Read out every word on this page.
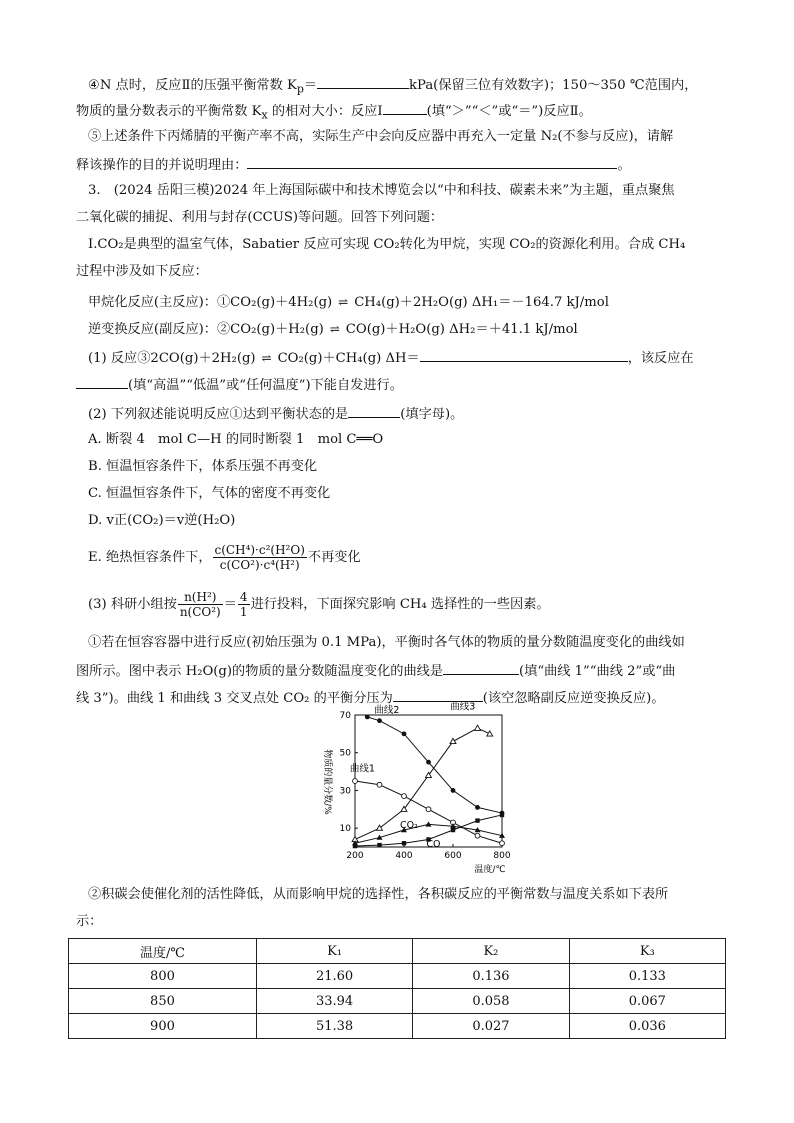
④N 点时，反应Ⅱ的压强平衡常数 $K_p=$	kPa(保留三位有效数字)；150～350 ℃范围内，
物质的量分数表示的平衡常数 $K_x$ 的相对大小：反应Ⅰ	(填“＞”“＜”或“＝”)反应Ⅱ。
⑤上述条件下丙烯腈的平衡产率不高，实际生产中会向反应器中再充入一定量 N₂(不参与反应)，请解
释该操作的目的并说明理由：	。
3.　(2024 岳阳三模)2024 年上海国际碳中和技术博览会以“中和科技、碳素未来”为主题，重点聚焦
二氧化碳的捕捉、利用与封存(CCUS)等问题。回答下列问题：
Ⅰ.CO₂是典型的温室气体，Sabatier 反应可实现 CO₂转化为甲烷，实现 CO₂的资源化利用。合成 CH₄
过程中涉及如下反应：
甲烷化反应(主反应)：①CO₂(g)＋4H₂(g) ⇌ CH₄(g)＋2H₂O(g) ΔH₁＝－164.7 kJ/mol
逆变换反应(副反应)：②CO₂(g)＋H₂(g) ⇌ CO(g)＋H₂O(g) ΔH₂＝＋41.1 kJ/mol
(1) 反应③2CO(g)＋2H₂(g) ⇌ CO₂(g)＋CH₄(g) ΔH＝	，该反应在
(填“高温”“低温”或“任何温度”)下能自发进行。
(2) 下列叙述能说明反应①达到平衡状态的是	(填字母)。
A. 断裂 4　mol C—H 的同时断裂 1　mol C══O
B. 恒温恒容条件下，体系压强不再变化
C. 恒温恒容条件下，气体的密度不再变化
D. v正(CO₂)＝v逆(H₂O)
E. 绝热恒容条件下， $\frac{\text{c(CH⁴)·c²(H²O)}}{\text{c(CO²)·c⁴(H²)}}$ 不再变化
(3) 科研小组按 $\frac{\text{n(H²)}}{\text{n(CO²)}} = \frac{4}{1}$ 进行投料，下面探究影响 CH₄ 选择性的一些因素。
①若在恒容容器中进行反应(初始压强为 0.1 MPa)，平衡时各气体的物质的量分数随温度变化的曲线如
图所示。图中表示 H₂O(g)的物质的量分数随温度变化的曲线是	(填“曲线 1”“曲线 2”或“曲
线 3”)。曲线 1 和曲线 3 交叉点处 CO₂ 的平衡分压为	(该空忽略副反应逆变换反应)。
200	400	600	800
10
30
50
70 曲线2	曲线3
曲线1
CO₂
CO
物质的量分数/%
温度/℃
②积碳会使催化剂的活性降低，从而影响甲烷的选择性，各积碳反应的平衡常数与温度关系如下表所
示：
温度/℃	K₁	K₂	K₃
800	21.60	0.136	0.133
850	33.94	0.058	0.067
900	51.38	0.027	0.036
